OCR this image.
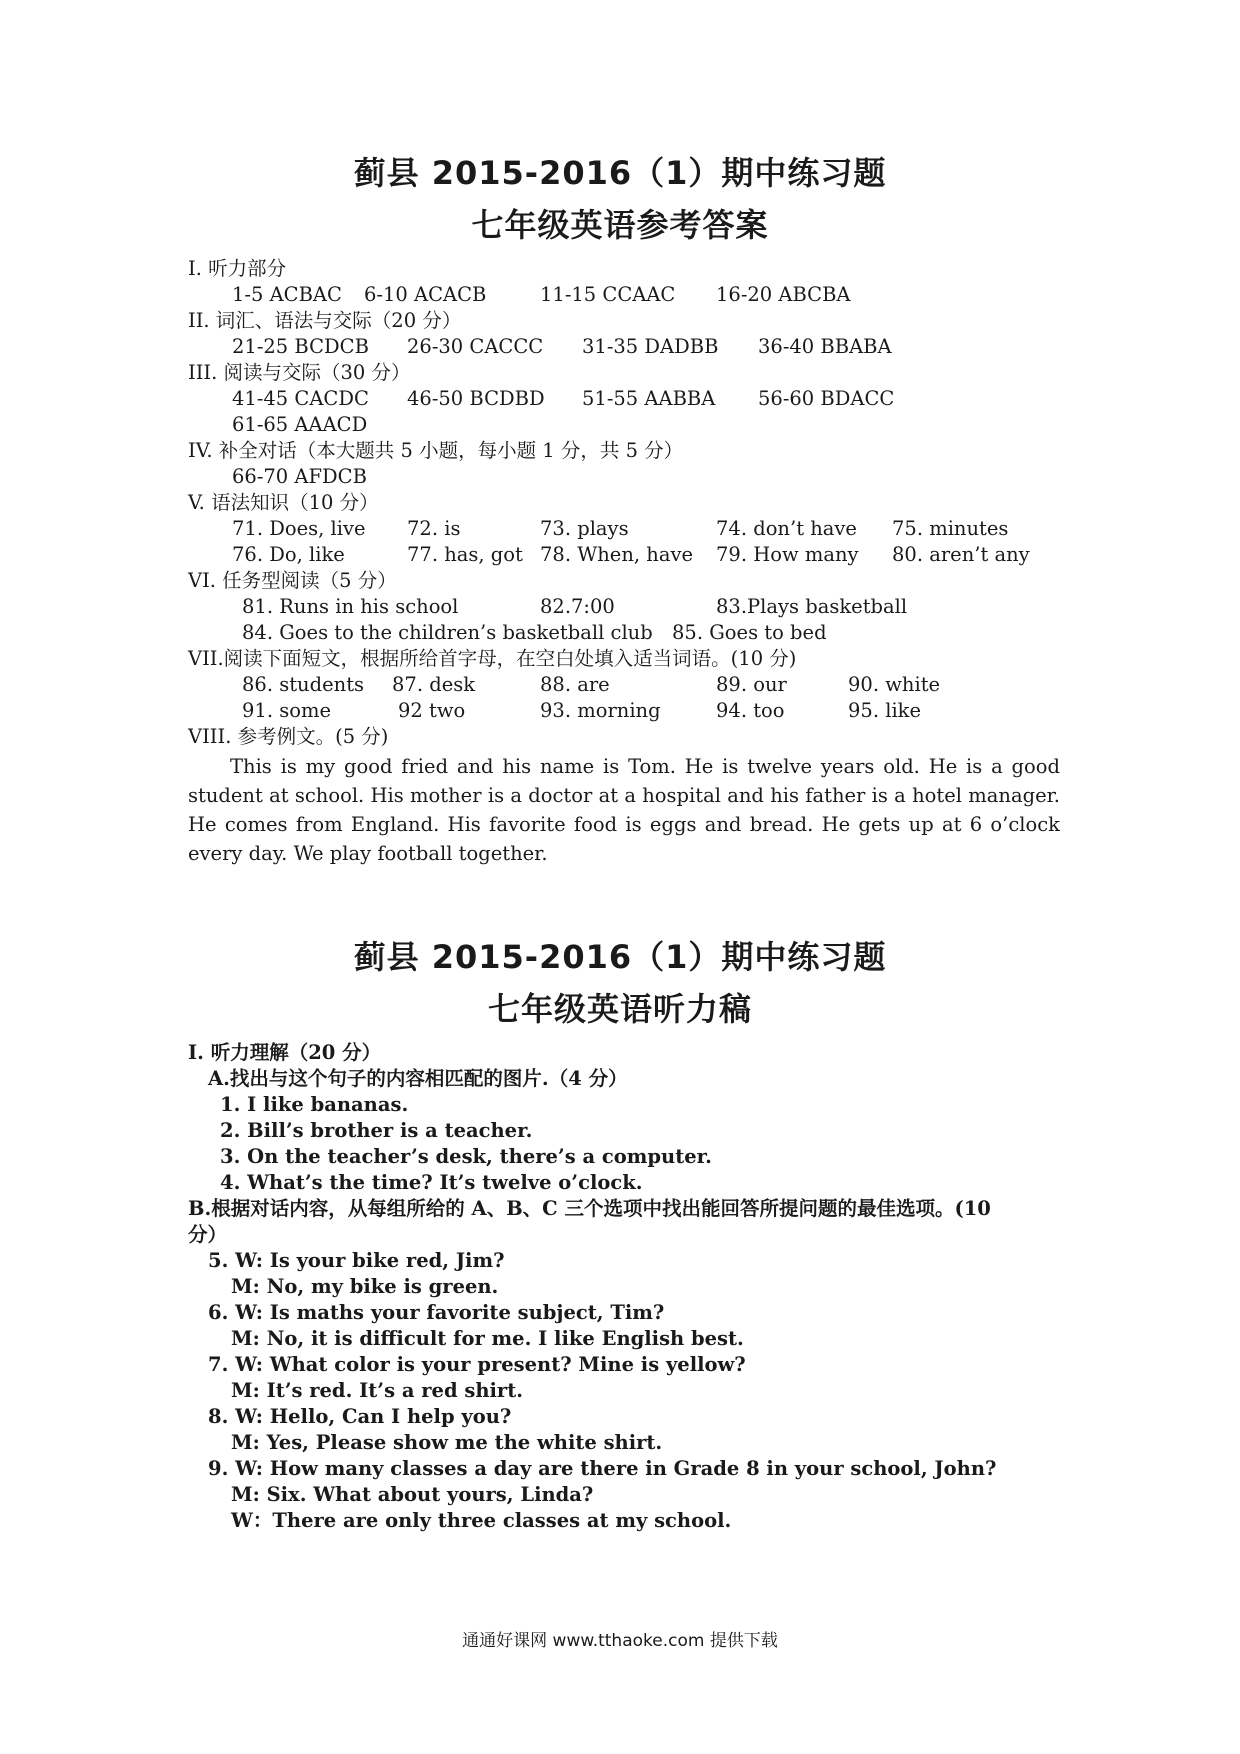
蓟县 2015-2016（1）期中练习题
七年级英语参考答案
I. 听力部分
1-5 ACBAC 6-10 ACACB	11-15 CCAAC 16-20 ABCBA
II. 词汇、语法与交际（20 分）
21-25 BCDCB 26-30 CACCC 31-35 DADBB 36-40 BBABA
III. 阅读与交际（30 分）
41-45 CACDC 46-50 BCDBD 51-55 AABBA 56-60 BDACC
61-65 AAACD
IV. 补全对话（本大题共 5 小题，每小题 1 分，共 5 分）
66-70 AFDCB
V. 语法知识（10 分）
71. Does, live 72. is	73. plays	74. don’t have 75. minutes
76. Do, like	77. has, got 78. When, have 79. How many 80. aren’t any
VI. 任务型阅读（5 分）
81. Runs in his school	82.7:00	83.Plays basketball
84. Goes to the children’s basketball club 85. Goes to bed
VII.阅读下面短文，根据所给首字母，在空白处填入适当词语。(10 分)
86. students 87. desk	88. are	89. our	90. white
91. some	92 two	93. morning	94. too	95. like
VIII. 参考例文。(5 分)
This is my good fried and his name is Tom. He is twelve years old. He is a good student at school. His mother is a doctor at a hospital and his father is a hotel manager. He comes from England. His favorite food is eggs and bread. He gets up at 6 o’clock every day. We play football together.
蓟县 2015-2016（1）期中练习题
七年级英语听力稿
I. 听力理解（20 分）
A.找出与这个句子的内容相匹配的图片.（4 分）
1. I like bananas.
2. Bill’s brother is a teacher.
3. On the teacher’s desk, there’s a computer.
4. What’s the time? It’s twelve o’clock.
B.根据对话内容，从每组所给的 A、B、C 三个选项中找出能回答所提问题的最佳选项。(10
分）
5. W: Is your bike red, Jim?
M: No, my bike is green.
6. W: Is maths your favorite subject, Tim?
M: No, it is difficult for me. I like English best.
7. W: What color is your present? Mine is yellow?
M: It’s red. It’s a red shirt.
8. W: Hello, Can I help you?
M: Yes, Please show me the white shirt.
9. W: How many classes a day are there in Grade 8 in your school, John?
M: Six. What about yours, Linda?
W：There are only three classes at my school.
通通好课网 www.tthaoke.com 提供下载
